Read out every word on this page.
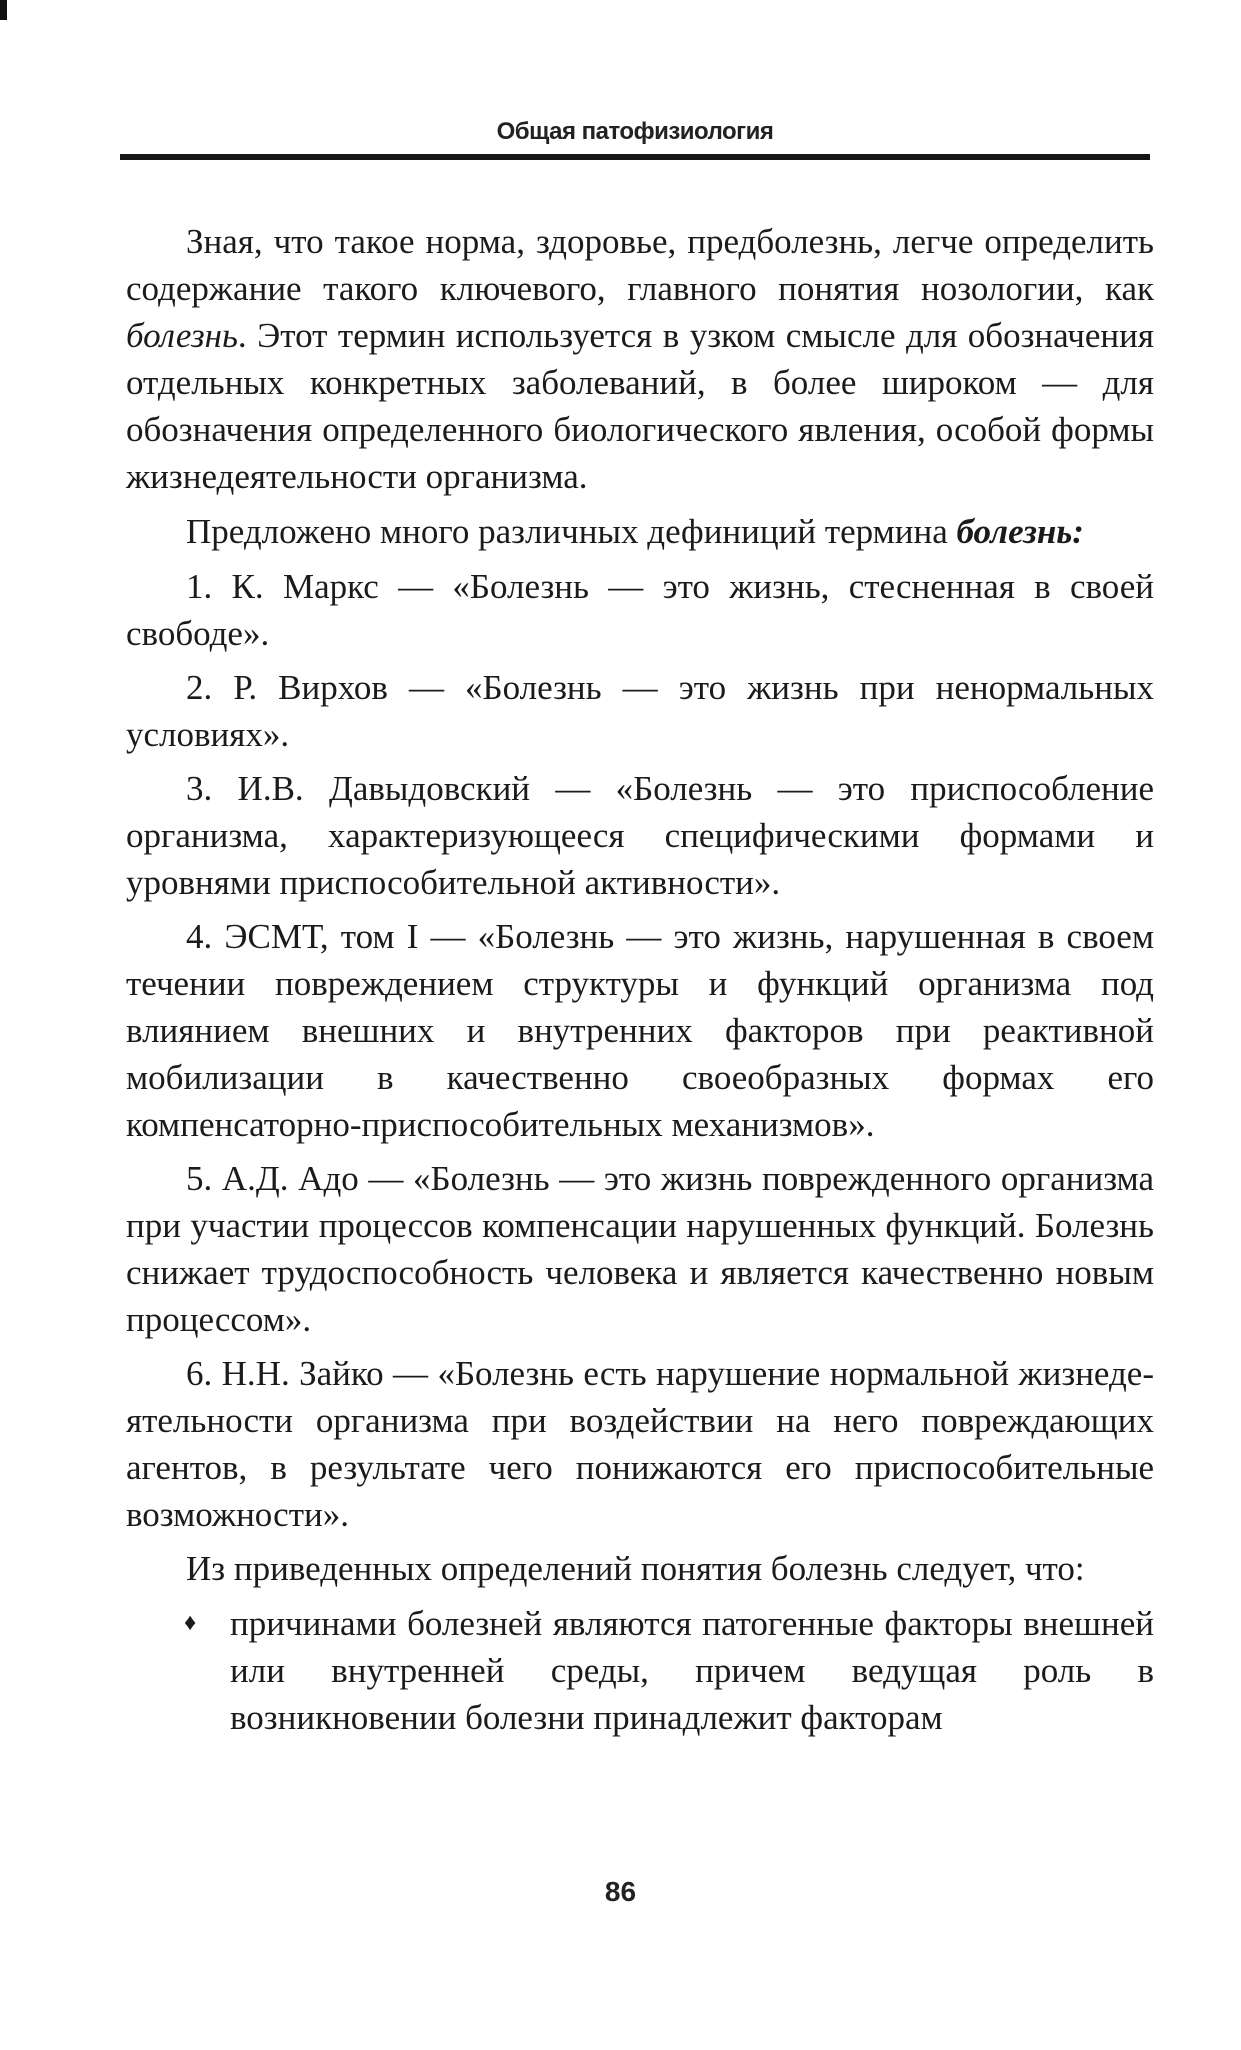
Общая патофизиология

Зная, что такое норма, здоровье, предболезнь, легче определить содержание такого ключевого, главного понятия нозологии, как болезнь. Этот термин используется в узком смысле для обозначения отдельных конкретных заболеваний, в более широком — для обозначения определенного биологического явления, особой формы жизнедеятельности организма.

Предложено много различных дефиниций термина болезнь:

1. К. Маркс — «Болезнь — это жизнь, стесненная в своей свободе».

2. Р. Вирхов — «Болезнь — это жизнь при ненормальных условиях».

3. И.В. Давыдовский — «Болезнь — это приспособление организма, характеризующееся специфическими формами и уровнями приспособительной активности».

4. ЭСМТ, том I — «Болезнь — это жизнь, нарушенная в своем течении повреждением структуры и функций организма под влиянием внешних и внутренних факторов при реактивной мобилизации в качественно своеобразных формах его компенсаторно-приспособительных механизмов».

5. А.Д. Адо — «Болезнь — это жизнь поврежденного организма при участии процессов компенсации нарушенных функций. Болезнь снижает трудоспособность человека и является качественно новым процессом».

6. Н.Н. Зайко — «Болезнь есть нарушение нормальной жизнеде-ятельности организма при воздействии на него повреждающих агентов, в результате чего понижаются его приспособительные возможности».

Из приведенных определений понятия болезнь следует, что:

♦ причинами болезней являются патогенные факторы внешней или внутренней среды, причем ведущая роль в возникновении болезни принадлежит факторам
86
